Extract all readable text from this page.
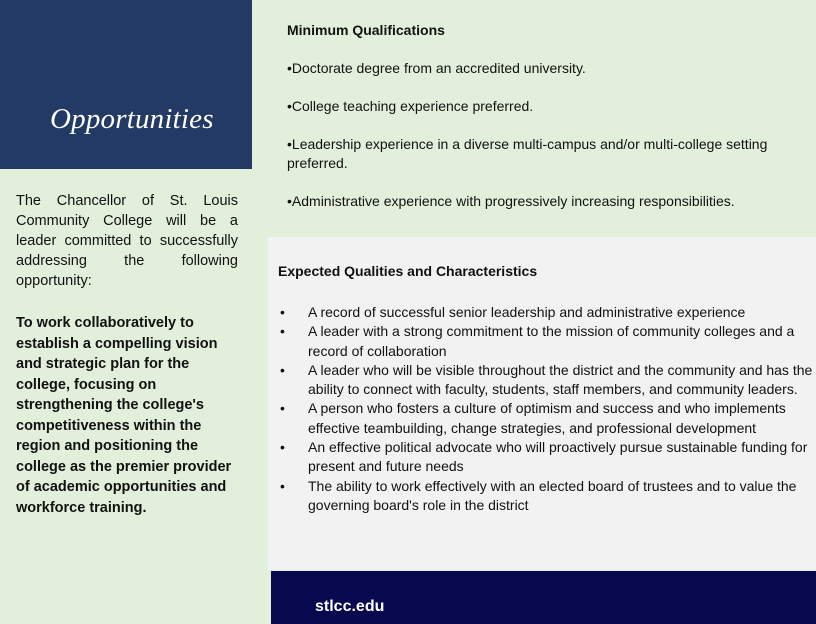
Opportunities

The Chancellor of St. Louis Community College will be a leader committed to successfully addressing the following opportunity:

To work collaboratively to establish a compelling vision and strategic plan for the college, focusing on strengthening the college's competitiveness within the region and positioning the college as the premier provider of academic opportunities and workforce training.

Minimum Qualifications
• Doctorate degree from an accredited university.
• College teaching experience preferred.
• Leadership experience in a diverse multi-campus and/or multi-college setting preferred.
• Administrative experience with progressively increasing responsibilities.
Expected Qualities and Characteristics
• A record of successful senior leadership and administrative experience
• A leader with a strong commitment to the mission of community colleges and a record of collaboration
• A leader who will be visible throughout the district and the community and has the ability to connect with faculty, students, staff members, and community leaders.
• A person who fosters a culture of optimism and success and who implements effective teambuilding, change strategies, and professional development
• An effective political advocate who will proactively pursue sustainable funding for present and future needs
• The ability to work effectively with an elected board of trustees and to value the governing board's role in the district
stlcc.edu
